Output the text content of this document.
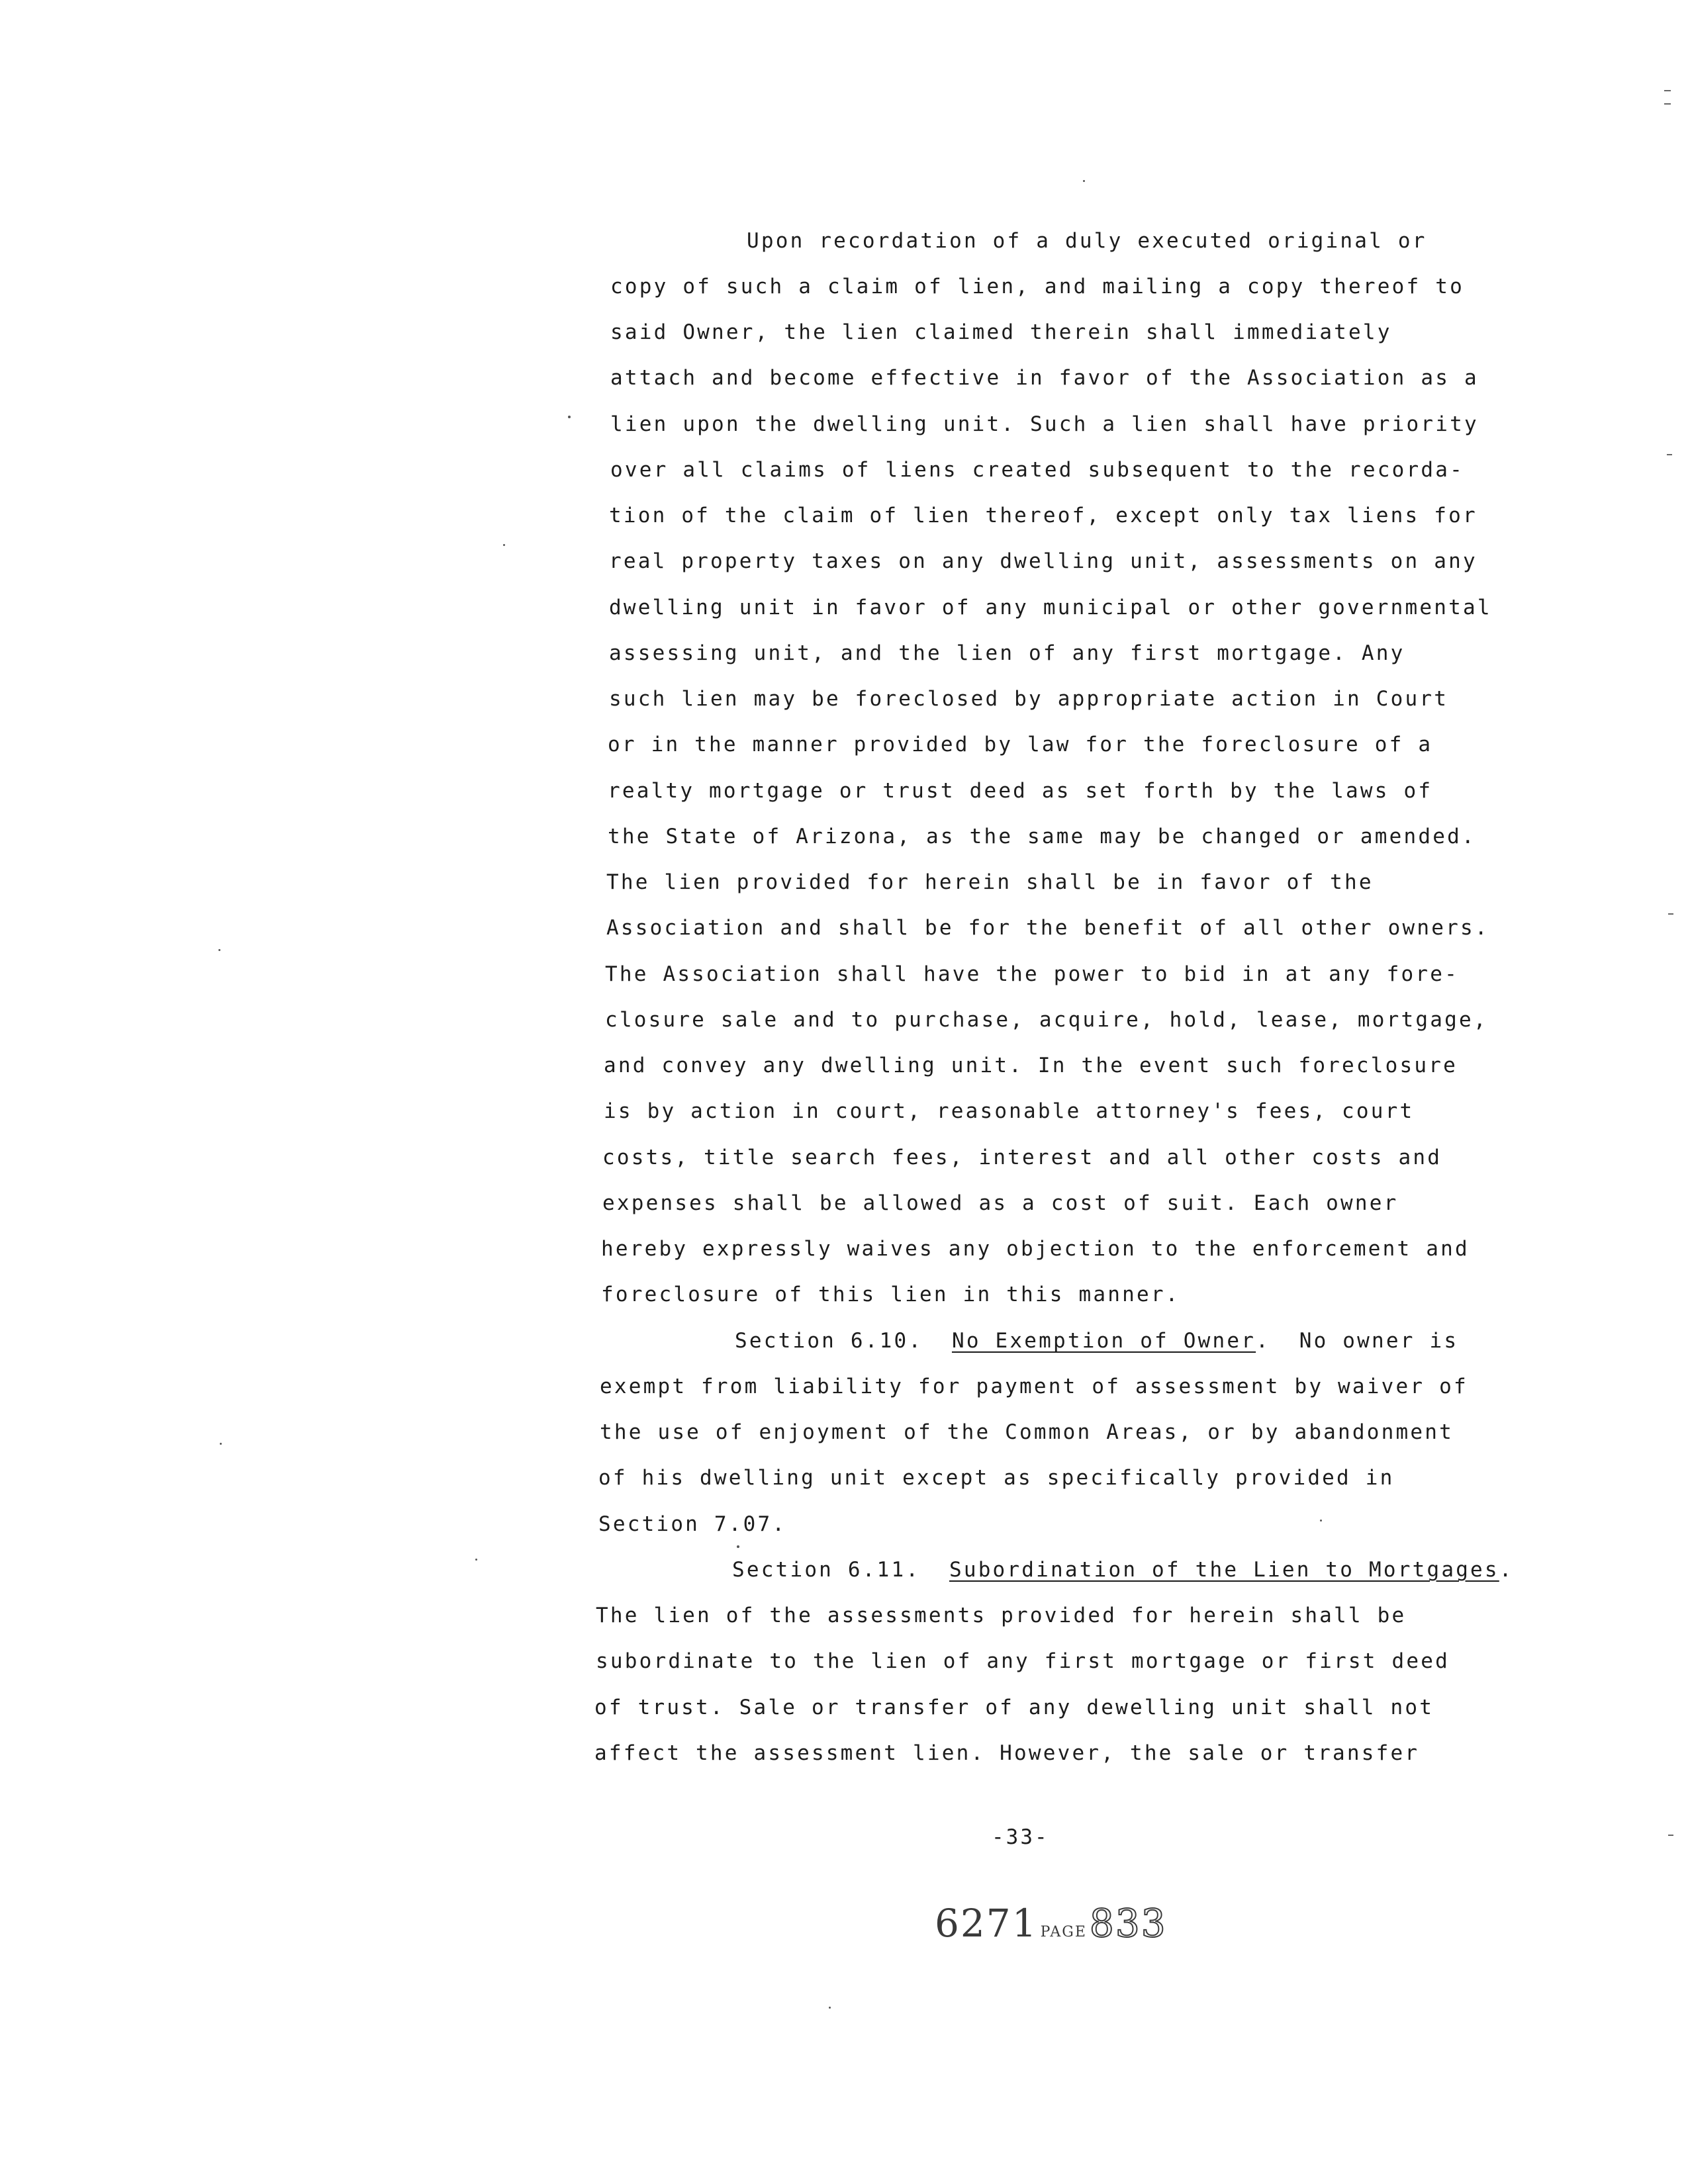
Upon recordation of a duly executed original or
copy of such a claim of lien, and mailing a copy thereof to
said Owner, the lien claimed therein shall immediately
attach and become effective in favor of the Association as a
lien upon the dwelling unit. Such a lien shall have priority
over all claims of liens created subsequent to the recorda-
tion of the claim of lien thereof, except only tax liens for
real property taxes on any dwelling unit, assessments on any
dwelling unit in favor of any municipal or other governmental
assessing unit, and the lien of any first mortgage. Any
such lien may be foreclosed by appropriate action in Court
or in the manner provided by law for the foreclosure of a
realty mortgage or trust deed as set forth by the laws of
the State of Arizona, as the same may be changed or amended.
The lien provided for herein shall be in favor of the
Association and shall be for the benefit of all other owners.
The Association shall have the power to bid in at any fore-
closure sale and to purchase, acquire, hold, lease, mortgage,
and convey any dwelling unit. In the event such foreclosure
is by action in court, reasonable attorney's fees, court
costs, title search fees, interest and all other costs and
expenses shall be allowed as a cost of suit. Each owner
hereby expressly waives any objection to the enforcement and
foreclosure of this lien in this manner.
Section 6.10. No Exemption of Owner. No owner is
exempt from liability for payment of assessment by waiver of
the use of enjoyment of the Common Areas, or by abandonment
of his dwelling unit except as specifically provided in
Section 7.07.
Section 6.11. Subordination of the Lien to Mortgages.
The lien of the assessments provided for herein shall be
subordinate to the lien of any first mortgage or first deed
of trust. Sale or transfer of any dewelling unit shall not
affect the assessment lien. However, the sale or transfer
-33-
6271 PAGE833
